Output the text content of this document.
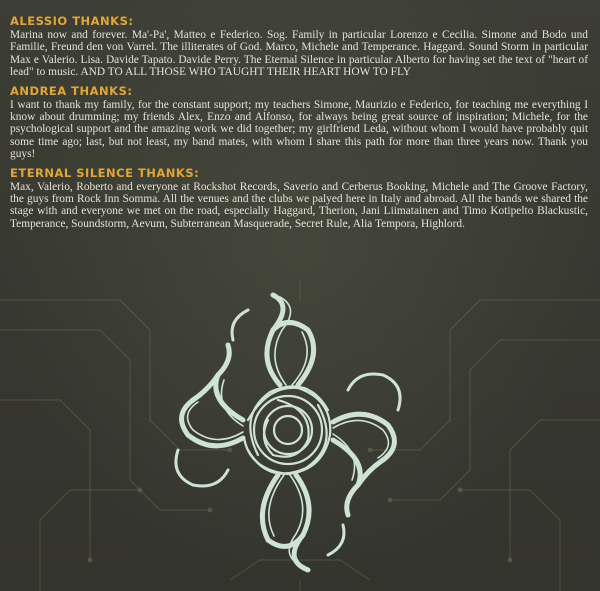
ALESSIO THANKS:

Marina now and forever. Ma'-Pa', Matteo e Federico. Sog. Family in particular Lorenzo e Cecilia. Simone and Bodo und Familie, Freund den von Varrel. The illiterates of God. Marco, Michele and Temperance. Haggard. Sound Storm in particular Max e Valerio. Lisa. Davide Tapato. Davide Perry. The Eternal Silence in particular Alberto for having set the text of "heart of lead" to music. AND TO ALL THOSE WHO TAUGHT THEIR HEART HOW TO FLY

ANDREA THANKS:

I want to thank my family, for the constant support; my teachers Simone, Maurizio e Federico, for teaching me everything I know about drumming; my friends Alex, Enzo and Alfonso, for always being great source of inspiration; Michele, for the psychological support and the amazing work we did together; my girlfriend Leda, without whom I would have probably quit some time ago; last, but not least, my band mates, with whom I share this path for more than three years now. Thank you guys!

ETERNAL SILENCE THANKS:

Max, Valerio, Roberto and everyone at Rockshot Records, Saverio and Cerberus Booking, Michele and The Groove Factory, the guys from Rock Inn Somma. All the venues and the clubs we palyed here in Italy and abroad. All the bands we shared the stage with and everyone we met on the road, especially Haggard, Therion, Jani Liimatainen and Timo Kotipelto Blackustic, Temperance, Soundstorm, Aevum, Subterranean Masquerade, Secret Rule, Alia Tempora, Highlord.
